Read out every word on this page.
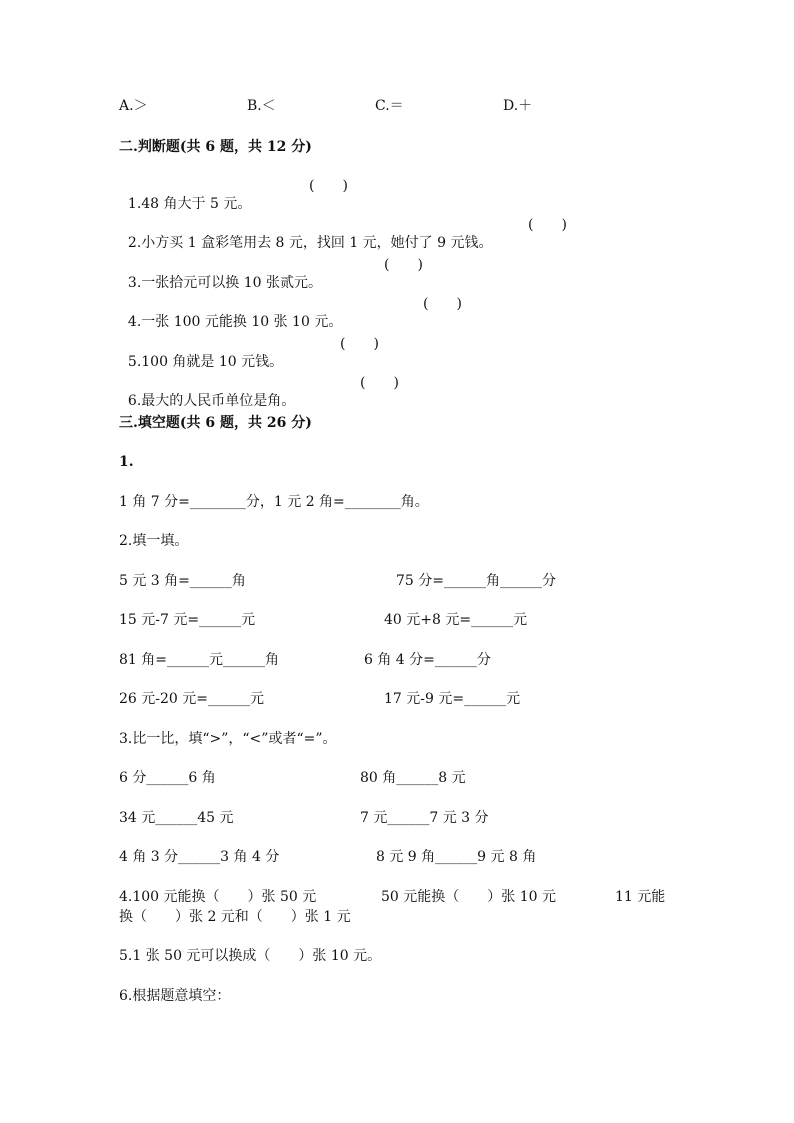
A.＞	B.＜	C.＝	D.＋
二.判断题(共 6 题，共 12 分)

1.48 角大于 5 元。

(　　)

2.小方买 1 盒彩笔用去 8 元，找回 1 元，她付了 9 元钱。

(　　)

3.一张拾元可以换 10 张贰元。

(　　)

4.一张 100 元能换 10 张 10 元。

(　　)

5.100 角就是 10 元钱。

(　　)

6.最大的人民币单位是角。

(　　)
三.填空题(共 6 题，共 26 分)
1.
1 角 7 分=________分，1 元 2 角=________角。
2.填一填。
5 元 3 角=______角	75 分=______角______分
15 元-7 元=______元	40 元+8 元=______元
81 角=______元______角	6 角 4 分=______分
26 元-20 元=______元	17 元-9 元=______元
3.比一比，填“>”，“<”或者“=”。
6 分______6 角	80 角______8 元
34 元______45 元	7 元______7 元 3 分
4 角 3 分______3 角 4 分	8 元 9 角______9 元 8 角
4.100 元能换（　　）张 50 元	50 元能换（　　）张 10 元	11 元能
换（　　）张 2 元和（　　）张 1 元
5.1 张 50 元可以换成（　　）张 10 元。
6.根据题意填空：
